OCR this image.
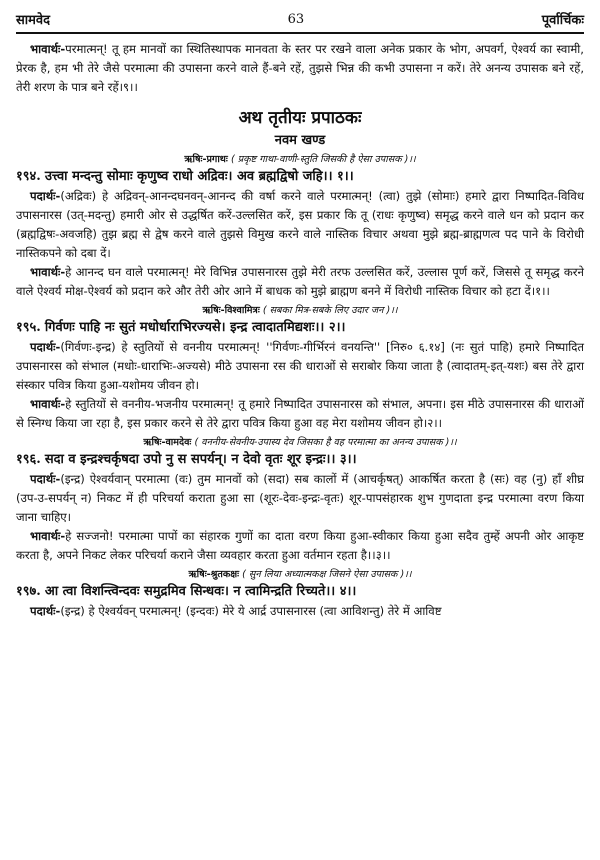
सामवेद	63	पूर्वार्चिकः

भावार्थः-परमात्मन्! तू हम मानवों का स्थितिस्थापक मानवता के स्तर पर रखने वाला अनेक प्रकार के भोग, अपवर्ग, ऐश्वर्य का स्वामी, प्रेरक है, हम भी तेरे जैसे परमात्मा की उपासना करने वाले हैं-बने रहें, तुझसे भिन्न की कभी उपासना न करें। तेरे अनन्य उपासक बने रहें, तेरी शरण के पात्र बने रहें।९।।

अथ तृतीयः प्रपाठकः
नवम खण्ड
ऋषिः-प्रगाथः ( प्रकृष्ट गाथा-वाणी-स्तुति जिसकी है ऐसा उपासक )।।
१९४. उत्त्वा मन्दन्तु सोमाः कृणुष्व राधो अद्रिवः। अव ब्रह्मद्विषो जहि।। १।।

पदार्थः-(अद्रिवः) हे अद्रिवन्-आनन्दघनवन्-आनन्द की वर्षा करने वाले परमात्मन्! (त्वा) तुझे (सोमाः) हमारे द्वारा निष्पादित-विविध उपासनारस (उत्-मदन्तु) हमारी ओर से उद्धर्षित करें-उल्लसित करें, इस प्रकार कि तू (राधः कृणुष्व) समृद्ध करने वाले धन को प्रदान कर (ब्रह्मद्विषः-अवजहि) तुझ ब्रह्म से द्वेष करने वाले तुझसे विमुख करने वाले नास्तिक विचार अथवा मुझे ब्रह्म-ब्राह्मणत्व पद पाने के विरोधी नास्तिकपने को दबा दें।

भावार्थः-हे आनन्द घन वाले परमात्मन्! मेरे विभिन्न उपासनारस तुझे मेरी तरफ उल्लसित करें, उल्लास पूर्ण करें, जिससे तू समृद्ध करने वाले ऐश्वर्य मोक्ष-ऐश्वर्य को प्रदान करे और तेरी ओर आने में बाधक को मुझे ब्राह्मण बनने में विरोधी नास्तिक विचार को हटा दें।१।।

ऋषिः-विश्वामित्रः ( सबका मित्र-सबके लिए उदार जन )।।
१९५. गिर्वणः पाहि नः सुतं मधोर्धाराभिरज्यसे। इन्द्र त्वादातमिद्यशः।। २।।

पदार्थः-(गिर्वणः-इन्द्र) हे स्तुतियों से वननीय परमात्मन्! ''गिर्वणः-गीर्भिरनं वनयन्ति'' [निरु० ६.१४] (नः सुतं पाहि) हमारे निष्पादित उपासनारस को संभाल (मधोः-धाराभिः-अज्यसे) मीठे उपासना रस की धाराओं से सराबोर किया जाता है (त्वादातम्-इत्-यशः) बस तेरे द्वारा संस्कार पवित्र किया हुआ-यशोमय जीवन हो।

भावार्थः-हे स्तुतियों से वननीय-भजनीय परमात्मन्! तू हमारे निष्पादित उपासनारस को संभाल, अपना। इस मीठे उपासनारस की धाराओं से स्निग्ध किया जा रहा है, इस प्रकार करने से तेरे द्वारा पवित्र किया हुआ वह मेरा यशोमय जीवन हो।२।।

ऋषिः-वामदेवः ( वननीय-सेवनीय-उपास्य देव जिसका है वह परमात्मा का अनन्य उपासक )।।
१९६. सदा व इन्द्रश्चर्कृषदा उपो नु स सपर्यन्। न देवो वृतः शूर इन्द्रः।। ३।।

पदार्थः-(इन्द्र) ऐश्वर्यवान् परमात्मा (वः) तुम मानवों को (सदा) सब कालों में (आचर्कृषत्) आकर्षित करता है (सः) वह (नु) हाँ शीघ्र (उप-उ-सपर्यन् न) निकट में ही परिचर्या कराता हुआ सा (शूरः-देवः-इन्द्रः-वृतः) शूर-पापसंहारक शुभ गुणदाता इन्द्र परमात्मा वरण किया जाना चाहिए।

भावार्थः-हे सज्जनो! परमात्मा पापों का संहारक गुणों का दाता वरण किया हुआ-स्वीकार किया हुआ सदैव तुम्हें अपनी ओर आकृष्ट करता है, अपने निकट लेकर परिचर्या कराने जैसा व्यवहार करता हुआ वर्तमान रहता है।।३।।

ऋषिः-श्रुतकक्षः ( सुन लिया अध्यात्मकक्ष जिसने ऐसा उपासक )।।
१९७. आ त्वा विशन्त्विन्दवः समुद्रमिव सिन्धवः। न त्वामिन्द्रति रिच्यते।। ४।।

पदार्थः-(इन्द्र) हे ऐश्वर्यवन् परमात्मन्! (इन्दवः) मेरे ये आर्द्र उपासनारस (त्वा आविशन्तु) तेरे में आविष्ट
